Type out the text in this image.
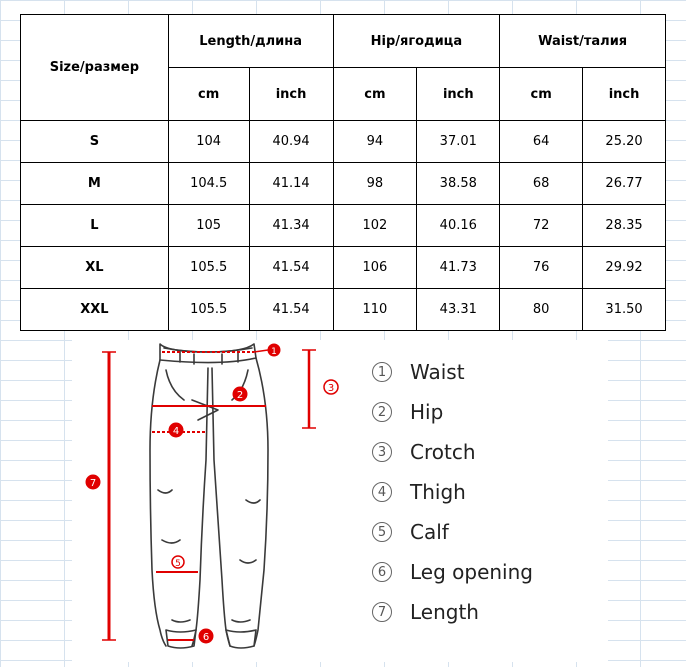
Size/размер	Length/длина		Hip/ягодица		Waist/талия	
	cm	inch	cm	inch	cm	inch
S	104	40.94	94	37.01	64	25.20
M	104.5	41.14	98	38.58	68	26.77
L	105	41.34	102	40.16	72	28.35
XL	105.5	41.54	106	41.73	76	29.92
XXL	105.5	41.54	110	43.31	80	31.50
1
2
3
4
5
6
7
1 Waist
2 Hip
3 Crotch
4 Thigh
5 Calf
6 Leg opening
7 Length
